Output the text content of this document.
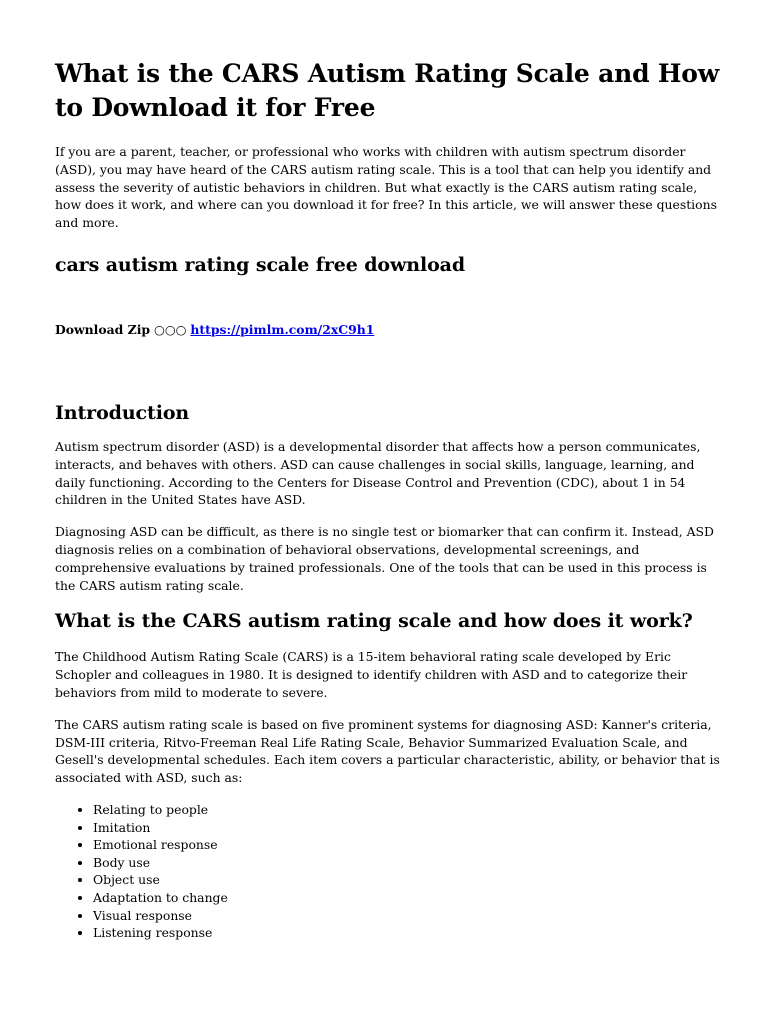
What is the CARS Autism Rating Scale and How to Download it for Free

If you are a parent, teacher, or professional who works with children with autism spectrum disorder (ASD), you may have heard of the CARS autism rating scale. This is a tool that can help you identify and assess the severity of autistic behaviors in children. But what exactly is the CARS autism rating scale, how does it work, and where can you download it for free? In this article, we will answer these questions and more.

cars autism rating scale free download

Download Zip ○○○ https://pimlm.com/2xC9h1

Introduction

Autism spectrum disorder (ASD) is a developmental disorder that affects how a person communicates, interacts, and behaves with others. ASD can cause challenges in social skills, language, learning, and daily functioning. According to the Centers for Disease Control and Prevention (CDC), about 1 in 54 children in the United States have ASD.

Diagnosing ASD can be difficult, as there is no single test or biomarker that can confirm it. Instead, ASD diagnosis relies on a combination of behavioral observations, developmental screenings, and comprehensive evaluations by trained professionals. One of the tools that can be used in this process is the CARS autism rating scale.

What is the CARS autism rating scale and how does it work?

The Childhood Autism Rating Scale (CARS) is a 15-item behavioral rating scale developed by Eric Schopler and colleagues in 1980. It is designed to identify children with ASD and to categorize their behaviors from mild to moderate to severe.

The CARS autism rating scale is based on five prominent systems for diagnosing ASD: Kanner's criteria, DSM-III criteria, Ritvo-Freeman Real Life Rating Scale, Behavior Summarized Evaluation Scale, and Gesell's developmental schedules. Each item covers a particular characteristic, ability, or behavior that is associated with ASD, such as:

• Relating to people
• Imitation
• Emotional response
• Body use
• Object use
• Adaptation to change
• Visual response
• Listening response
